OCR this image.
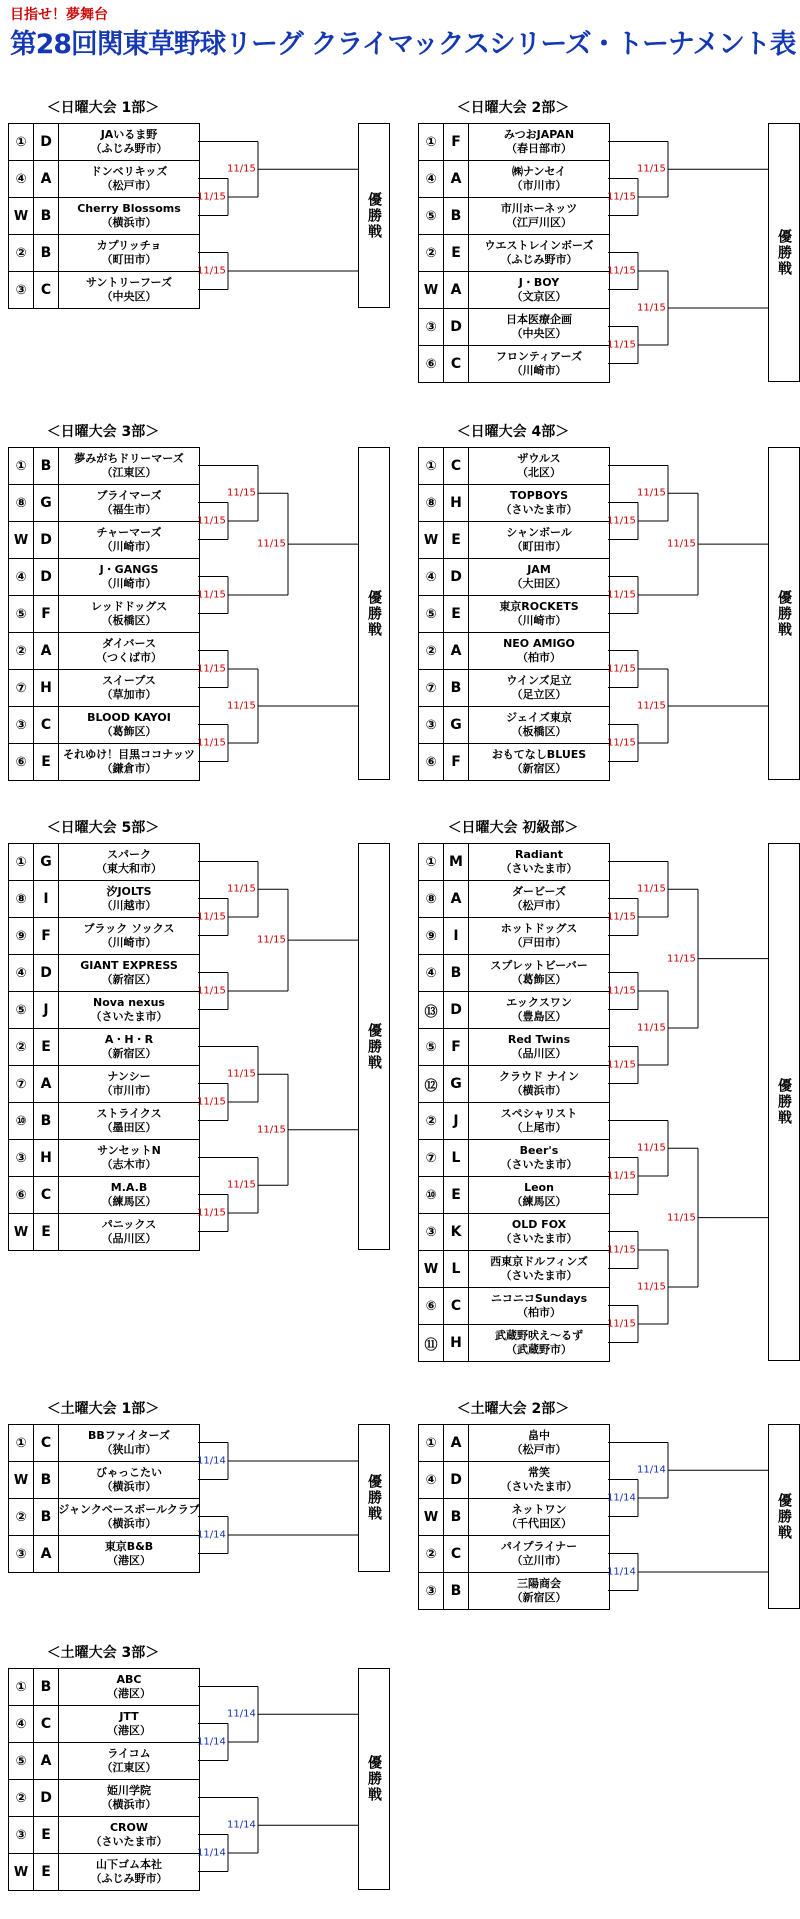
目指せ！夢舞台
第28回関東草野球リーグ クライマックスシリーズ・トーナメント表
＜日曜大会 1部＞
① D	JAいるま野
（ふじみ野市）
④	A	ドンベリキッズ
（松戸市）
W B	Cherry Blossoms
（横浜市）
②	B	カプリッチョ
（町田市）
③	C	サントリーフーズ
（中央区）
優勝戦
11/15
11/15
11/15
＜日曜大会 2部＞
①	F	みつおJAPAN
（春日部市）
④	A	㈱ナンセイ
（市川市）
⑤	B	市川ホーネッツ
（江戸川区）
②	E	ウエストレインボーズ
（ふじみ野市）
W A	J・BOY
（文京区）
③ D	日本医療企画
（中央区）
⑥	C	フロンティアーズ
（川崎市）
優勝戦
11/15
11/15
11/15
11/15
11/15
＜日曜大会 3部＞
①	B	夢みがちドリーマーズ
（江東区）
⑧ G	ブライマーズ
（福生市）
W D	チャーマーズ
（川崎市）
④ D	J・GANGS
（川崎市）
⑤	F	レッドドッグス
（板橋区）
②	A	ダイバース
（つくば市）
⑦ H	スイープス
（草加市）
③	C	BLOOD KAYOI
（葛飾区）
⑥	E	それゆけ！目黒ココナッツ
（鎌倉市）
優勝戦
11/15
11/15
11/15
11/15
11/15
11/15
11/15
＜日曜大会 4部＞
①	C	ザウルス
（北区）
⑧ H	TOPBOYS
（さいたま市）
W E	シャンボール
（町田市）
④ D	JAM
（大田区）
⑤	E	東京ROCKETS
（川崎市）
②	A	NEO AMIGO
（柏市）
⑦	B	ウインズ足立
（足立区）
③ G	ジェイズ東京
（板橋区）
⑥	F	おもてなしBLUES
（新宿区）
優勝戦
11/15
11/15
11/15
11/15
11/15
11/15
11/15
＜日曜大会 5部＞
① G	スパーク
（東大和市）
⑧	I	汐JOLTS
（川越市）
⑨	F	ブラック ソックス
（川崎市）
④ D	GIANT EXPRESS
（新宿区）
⑤	J	Nova nexus
（さいたま市）
②	E	A・H・R
（新宿区）
⑦	A	ナンシー
（市川市）
⑩	B	ストライクス
（墨田区）
③ H	サンセットN
（志木市）
⑥	C	M.A.B
（練馬区）
W E	パニックス
（品川区）
優勝戦
11/15
11/15
11/15
11/15
11/15
11/15
11/15
11/15
11/15
＜日曜大会 初級部＞
① M	Radiant
（さいたま市）
⑧	A	ダービーズ
（松戸市）
⑨	I	ホットドッグス
（戸田市）
④	B	スプレットビーバー
（葛飾区）
⑬ D	エックスワン
（豊島区）
⑤	F	Red Twins
（品川区）
⑫ G	クラウド ナイン
（横浜市）
②	J	スペシャリスト
（上尾市）
⑦	L	Beer's
（さいたま市）
⑩	E	Leon
（練馬区）
③	K	OLD FOX
（さいたま市）
W L	西東京ドルフィンズ
（さいたま市）
⑥	C	ニコニコSundays
（柏市）
⑪ H	武蔵野吠え～るず
（武蔵野市）
優勝戦
11/15
11/15
11/15
11/15
11/15
11/15
11/15
11/15
11/15
11/15
11/15
11/15
＜土曜大会 1部＞
①	C	BBファイターズ
（狭山市）
W B	びゃっこたい
（横浜市）
②	B ジャンクベースボールクラブ
（横浜市）
③	A	東京B&B
（港区）
優勝戦
11/14
11/14
＜土曜大会 2部＞
①	A	畠中
（松戸市）
④ D	常笑
（さいたま市）
W B	ネットワン
（千代田区）
②	C	パイプライナー
（立川市）
③	B	三陽商会
（新宿区）
優勝戦
11/14
11/14
11/14
＜土曜大会 3部＞
①	B	ABC
（港区）
④	C	JTT
（港区）
⑤	A	ライコム
（江東区）
② D	姫川学院
（横浜市）
③	E	CROW
（さいたま市）
W E	山下ゴム本社
（ふじみ野市）
優勝戦
11/14
11/14
11/14
11/14
